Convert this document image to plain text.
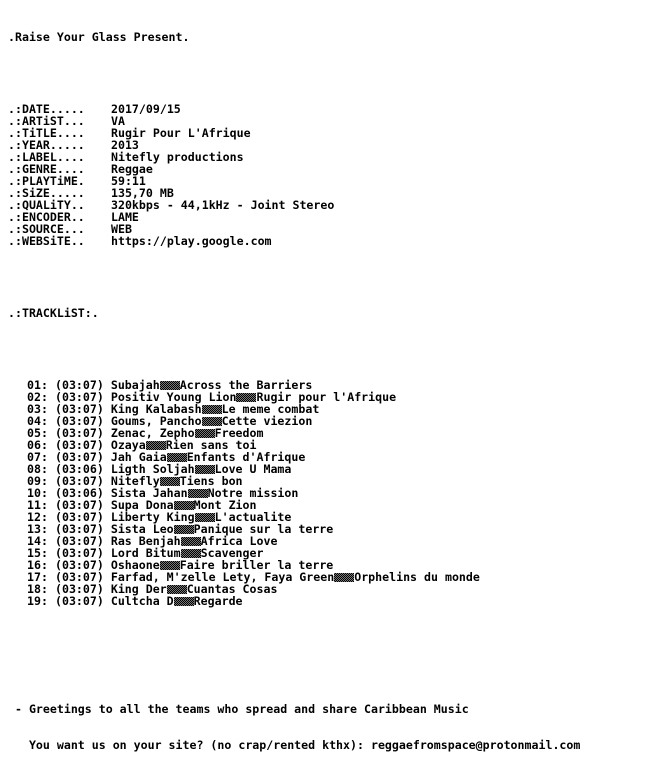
.Raise Your Glass Present.

.:DATE..... 2017/09/15
.:ARTiST... VA
.:TiTLE.... Rugir Pour L'Afrique
.:YEAR..... 2013
.:LABEL.... Nitefly productions
.:GENRE.... Reggae
.:PLAYTiME. 59:11
.:SiZE..... 135,70 MB
.:QUALiTY.. 320kbps - 44,1kHz - Joint Stereo
.:ENCODER.. LAME
.:SOURCE... WEB
.:WEBSiTE.. https://play.google.com

.:TRACKLiST:.

01: (03:07) Subajah Across the Barriers
02: (03:07) Positiv Young Lion Rugir pour l'Afrique
03: (03:07) King Kalabash Le meme combat
04: (03:07) Goums, Pancho Cette viezion
05: (03:07) Zenac, Zepho Freedom
06: (03:07) Ozaya Rien sans toi
07: (03:07) Jah Gaia Enfants d'Afrique
08: (03:06) Ligth Soljah Love U Mama
09: (03:07) Nitefly Tiens bon
10: (03:06) Sista Jahan Notre mission
11: (03:07) Supa Dona Mont Zion
12: (03:07) Liberty King L'actualite
13: (03:07) Sista Leo Panique sur la terre
14: (03:07) Ras Benjah Africa Love
15: (03:07) Lord Bitum Scavenger
16: (03:07) Oshaone Faire briller la terre
17: (03:07) Farfad, M'zelle Lety, Faya Green Orphelins du monde
18: (03:07) King Der Cuantas Cosas
19: (03:07) Cultcha D Regarde

- Greetings to all the teams who spread and share Caribbean Music

You want us on your site? (no crap/rented kthx): reggaefromspace@protonmail.com
